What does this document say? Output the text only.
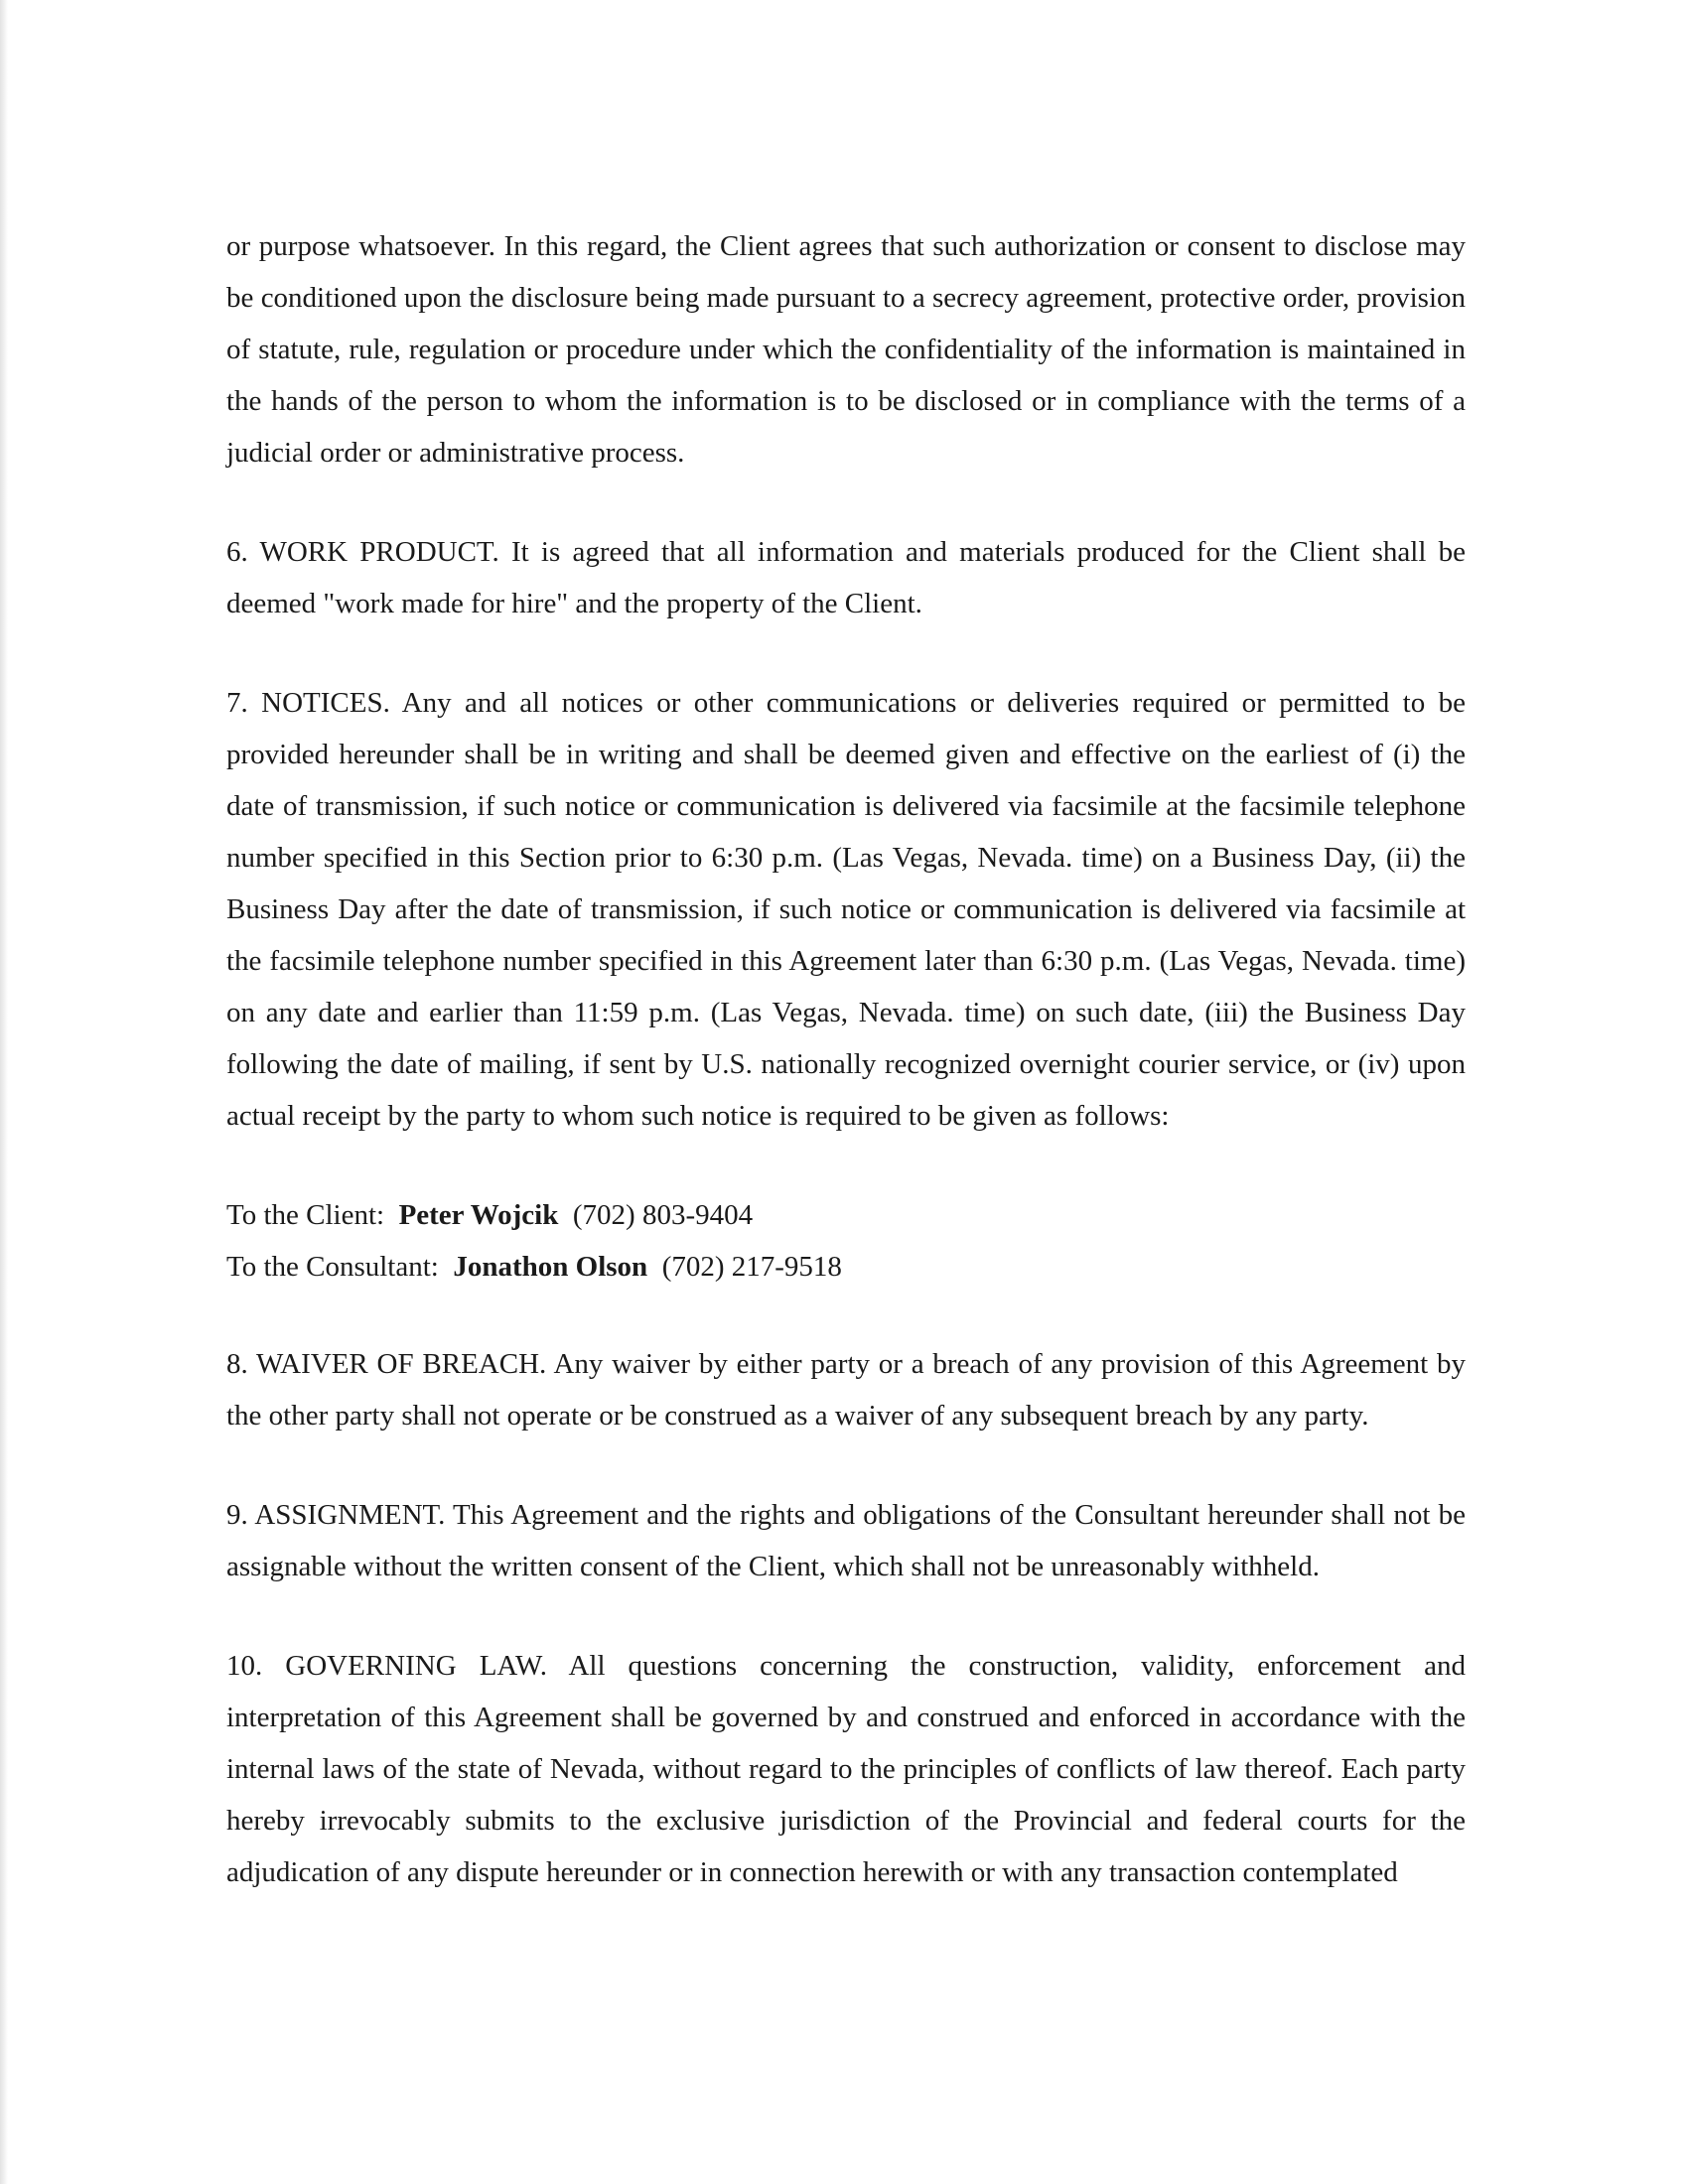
or purpose whatsoever. In this regard, the Client agrees that such authorization or consent to disclose may be conditioned upon the disclosure being made pursuant to a secrecy agreement, protective order, provision of statute, rule, regulation or procedure under which the confidentiality of the information is maintained in the hands of the person to whom the information is to be disclosed or in compliance with the terms of a judicial order or administrative process.

6. WORK PRODUCT. It is agreed that all information and materials produced for the Client shall be deemed "work made for hire" and the property of the Client.

7. NOTICES. Any and all notices or other communications or deliveries required or permitted to be provided hereunder shall be in writing and shall be deemed given and effective on the earliest of (i) the date of transmission, if such notice or communication is delivered via facsimile at the facsimile telephone number specified in this Section prior to 6:30 p.m. (Las Vegas, Nevada. time) on a Business Day, (ii) the Business Day after the date of transmission, if such notice or communication is delivered via facsimile at the facsimile telephone number specified in this Agreement later than 6:30 p.m. (Las Vegas, Nevada. time) on any date and earlier than 11:59 p.m. (Las Vegas, Nevada. time) on such date, (iii) the Business Day following the date of mailing, if sent by U.S. nationally recognized overnight courier service, or (iv) upon actual receipt by the party to whom such notice is required to be given as follows:

To the Client: Peter Wojcik (702) 803-9404
To the Consultant: Jonathon Olson (702) 217-9518

8. WAIVER OF BREACH. Any waiver by either party or a breach of any provision of this Agreement by the other party shall not operate or be construed as a waiver of any subsequent breach by any party.

9. ASSIGNMENT. This Agreement and the rights and obligations of the Consultant hereunder shall not be assignable without the written consent of the Client, which shall not be unreasonably withheld.

10. GOVERNING LAW. All questions concerning the construction, validity, enforcement and interpretation of this Agreement shall be governed by and construed and enforced in accordance with the internal laws of the state of Nevada, without regard to the principles of conflicts of law thereof. Each party hereby irrevocably submits to the exclusive jurisdiction of the Provincial and federal courts for the adjudication of any dispute hereunder or in connection herewith or with any transaction contemplated
